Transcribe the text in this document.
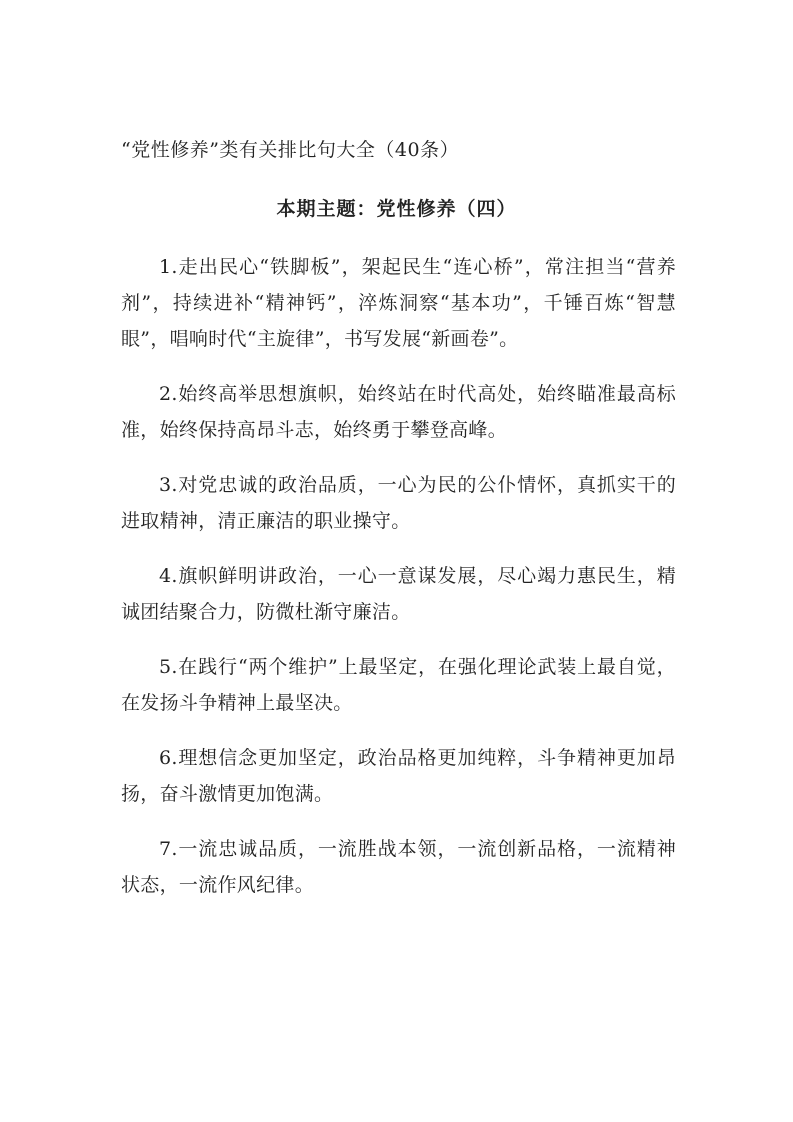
“党性修养”类有关排比句大全（40条）
本期主题：党性修养（四）

1.走出民心“铁脚板”，架起民生“连心桥”，常注担当“营养剂”，持续进补“精神钙”，淬炼洞察“基本功”，千锤百炼“智慧眼”，唱响时代“主旋律”，书写发展“新画卷”。

2.始终高举思想旗帜，始终站在时代高处，始终瞄准最高标准，始终保持高昂斗志，始终勇于攀登高峰。

3.对党忠诚的政治品质，一心为民的公仆情怀，真抓实干的进取精神，清正廉洁的职业操守。

4.旗帜鲜明讲政治，一心一意谋发展，尽心竭力惠民生，精诚团结聚合力，防微杜渐守廉洁。

5.在践行“两个维护”上最坚定，在强化理论武装上最自觉，在发扬斗争精神上最坚决。

6.理想信念更加坚定，政治品格更加纯粹，斗争精神更加昂扬，奋斗激情更加饱满。

7.一流忠诚品质，一流胜战本领，一流创新品格，一流精神状态，一流作风纪律。
